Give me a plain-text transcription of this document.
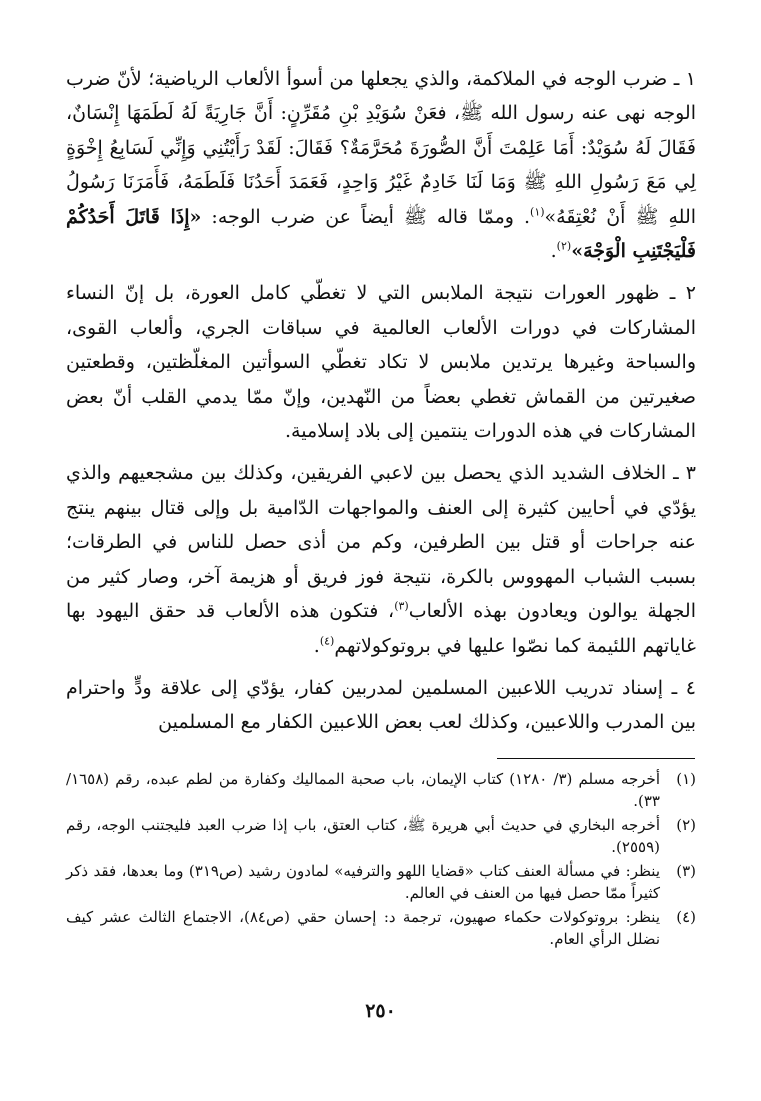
١ ـ ضرب الوجه في الملاكمة، والذي يجعلها من أسوأ الألعاب الرياضية؛ لأنّ ضرب الوجه نهى عنه رسول الله ﷺ، فعَنْ سُوَيْدِ بْنِ مُقَرِّنٍ: أَنَّ جَارِيَةً لَهُ لَطَمَهَا إِنْسَانٌ، فَقَالَ لَهُ سُوَيْدٌ: أَمَا عَلِمْتَ أَنَّ الصُّورَةَ مُحَرَّمَةٌ؟ فَقَالَ: لَقَدْ رَأَيْتُنِي وَإِنِّي لَسَابِعُ إِخْوَةٍ لِي مَعَ رَسُولِ اللهِ ﷺ وَمَا لَنَا خَادِمٌ غَيْرُ وَاحِدٍ، فَعَمَدَ أَحَدُنَا فَلَطَمَهُ، فَأَمَرَنَا رَسُولُ اللهِ ﷺ أَنْ نُعْتِقَهُ»$^{(١)}$. وممّا قاله ﷺ أيضاً عن ضرب الوجه: «إِذَا قَاتَلَ أَحَدُكُمْ فَلْيَجْتَنِبِ الْوَجْهَ»$^{(٢)}$.

٢ ـ ظهور العورات نتيجة الملابس التي لا تغطّي كامل العورة، بل إنّ النساء المشاركات في دورات الألعاب العالمية في سباقات الجري، وألعاب القوى، والسباحة وغيرها يرتدين ملابس لا تكاد تغطّي السوأتين المغلّظتين، وقطعتين صغيرتين من القماش تغطي بعضاً من النّهدين، وإنّ ممّا يدمي القلب أنّ بعض المشاركات في هذه الدورات ينتمين إلى بلاد إسلامية.

٣ ـ الخلاف الشديد الذي يحصل بين لاعبي الفريقين، وكذلك بين مشجعيهم والذي يؤدّي في أحايين كثيرة إلى العنف والمواجهات الدّامية بل وإلى قتال بينهم ينتج عنه جراحات أو قتل بين الطرفين، وكم من أذى حصل للناس في الطرقات؛ بسبب الشباب المهووس بالكرة، نتيجة فوز فريق أو هزيمة آخر، وصار كثير من الجهلة يوالون ويعادون بهذه الألعاب$^{(٣)}$، فتكون هذه الألعاب قد حقق اليهود بها غاياتهم اللئيمة كما نصّوا عليها في بروتوكولاتهم$^{(٤)}$.

٤ ـ إسناد تدريب اللاعبين المسلمين لمدربين كفار، يؤدّي إلى علاقة ودٍّ واحترام بين المدرب واللاعبين، وكذلك لعب بعض اللاعبين الكفار مع المسلمين

(١)
أخرجه مسلم (٣/ ١٢٨٠) كتاب الإيمان، باب صحبة المماليك وكفارة من لطم عبده، رقم (١٦٥٨/ ٣٣).
(٢)
أخرجه البخاري في حديث أبي هريرة ﷺ، كتاب العتق، باب إذا ضرب العبد فليجتنب الوجه، رقم (٢٥٥٩).
(٣)
ينظر: في مسألة العنف كتاب «قضايا اللهو والترفيه» لمادون رشيد (ص٣١٩) وما بعدها، فقد ذكر كثيراً ممّا حصل فيها من العنف في العالم.
(٤)
ينظر: بروتوكولات حكماء صهيون، ترجمة د: إحسان حقي (ص٨٤)، الاجتماع الثالث عشر كيف نضلل الرأي العام.
٢٥٠
